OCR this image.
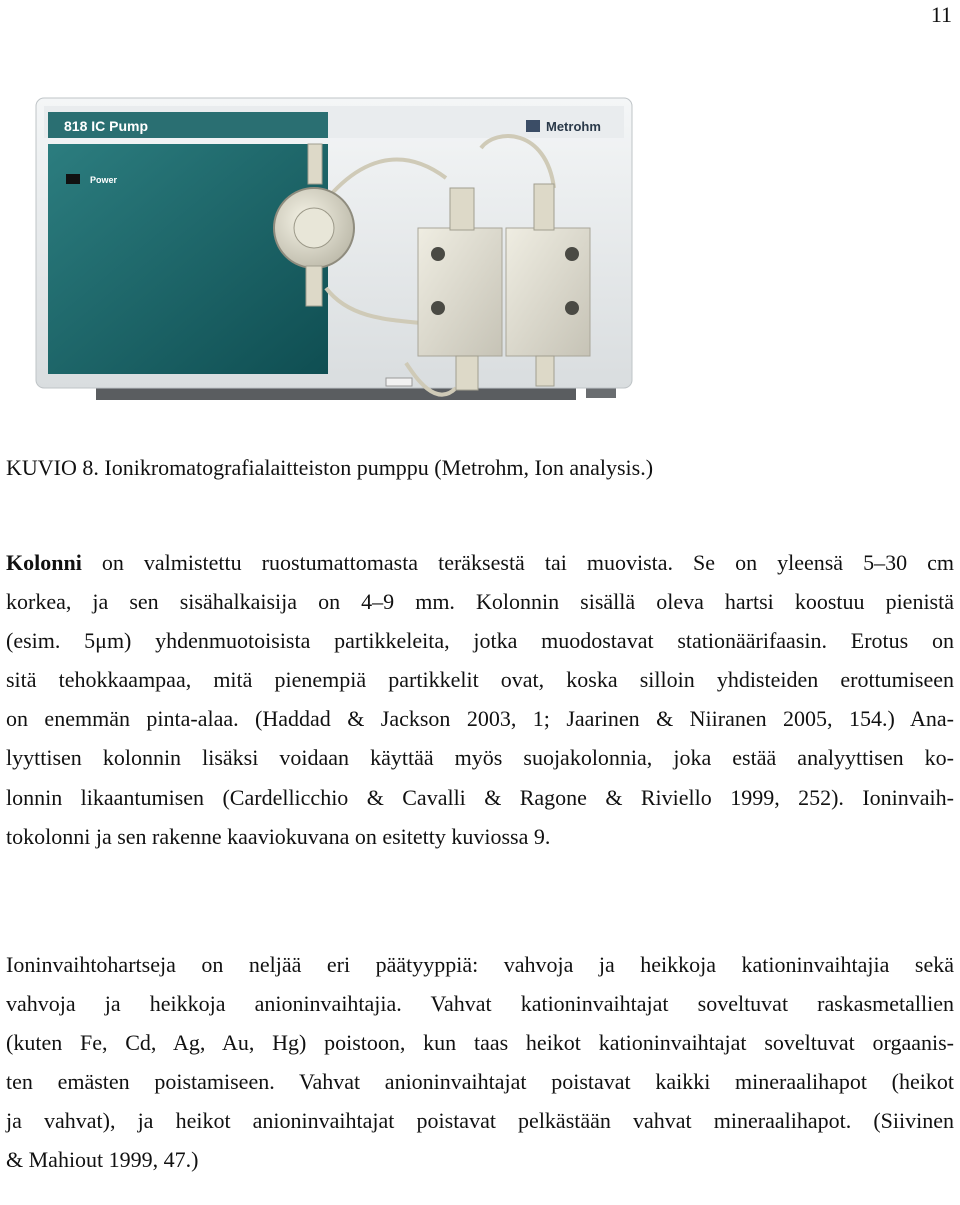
11
818 IC Pump	Metrohm
Power
KUVIO 8. Ionikromatografialaitteiston pumppu (Metrohm, Ion analysis.)

Kolonni on valmistettu ruostumattomasta teräksestä tai muovista. Se on yleensä 5–30 cm
korkea, ja sen sisähalkaisija on 4–9 mm. Kolonnin sisällä oleva hartsi koostuu pienistä
(esim. 5μm) yhdenmuotoisista partikkeleita, jotka muodostavat stationäärifaasin. Erotus on
sitä tehokkaampaa, mitä pienempiä partikkelit ovat, koska silloin yhdisteiden erottumiseen
on enemmän pinta-alaa. (Haddad & Jackson 2003, 1; Jaarinen & Niiranen 2005, 154.) Ana-
lyyttisen kolonnin lisäksi voidaan käyttää myös suojakolonnia, joka estää analyyttisen ko-
lonnin likaantumisen (Cardellicchio & Cavalli & Ragone & Riviello 1999, 252). Ioninvaih-
tokolonni ja sen rakenne kaaviokuvana on esitetty kuviossa 9.

Ioninvaihtohartseja on neljää eri päätyyppiä: vahvoja ja heikkoja kationinvaihtajia sekä
vahvoja ja heikkoja anioninvaihtajia. Vahvat kationinvaihtajat soveltuvat raskasmetallien
(kuten Fe, Cd, Ag, Au, Hg) poistoon, kun taas heikot kationinvaihtajat soveltuvat orgaanis-
ten emästen poistamiseen. Vahvat anioninvaihtajat poistavat kaikki mineraalihapot (heikot
ja vahvat), ja heikot anioninvaihtajat poistavat pelkästään vahvat mineraalihapot. (Siivinen
& Mahiout 1999, 47.)
